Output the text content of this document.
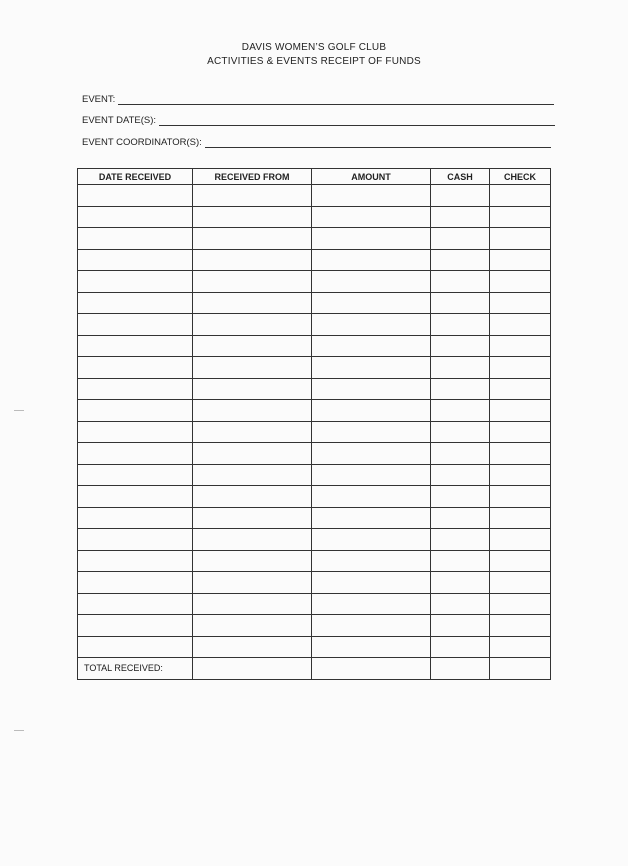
DAVIS WOMEN’S GOLF CLUB
ACTIVITIES & EVENTS RECEIPT OF FUNDS
EVENT:
EVENT DATE(S):
EVENT COORDINATOR(S):
DATE RECEIVED	RECEIVED FROM	AMOUNT	CASH	CHECK

TOTAL RECEIVED:				
